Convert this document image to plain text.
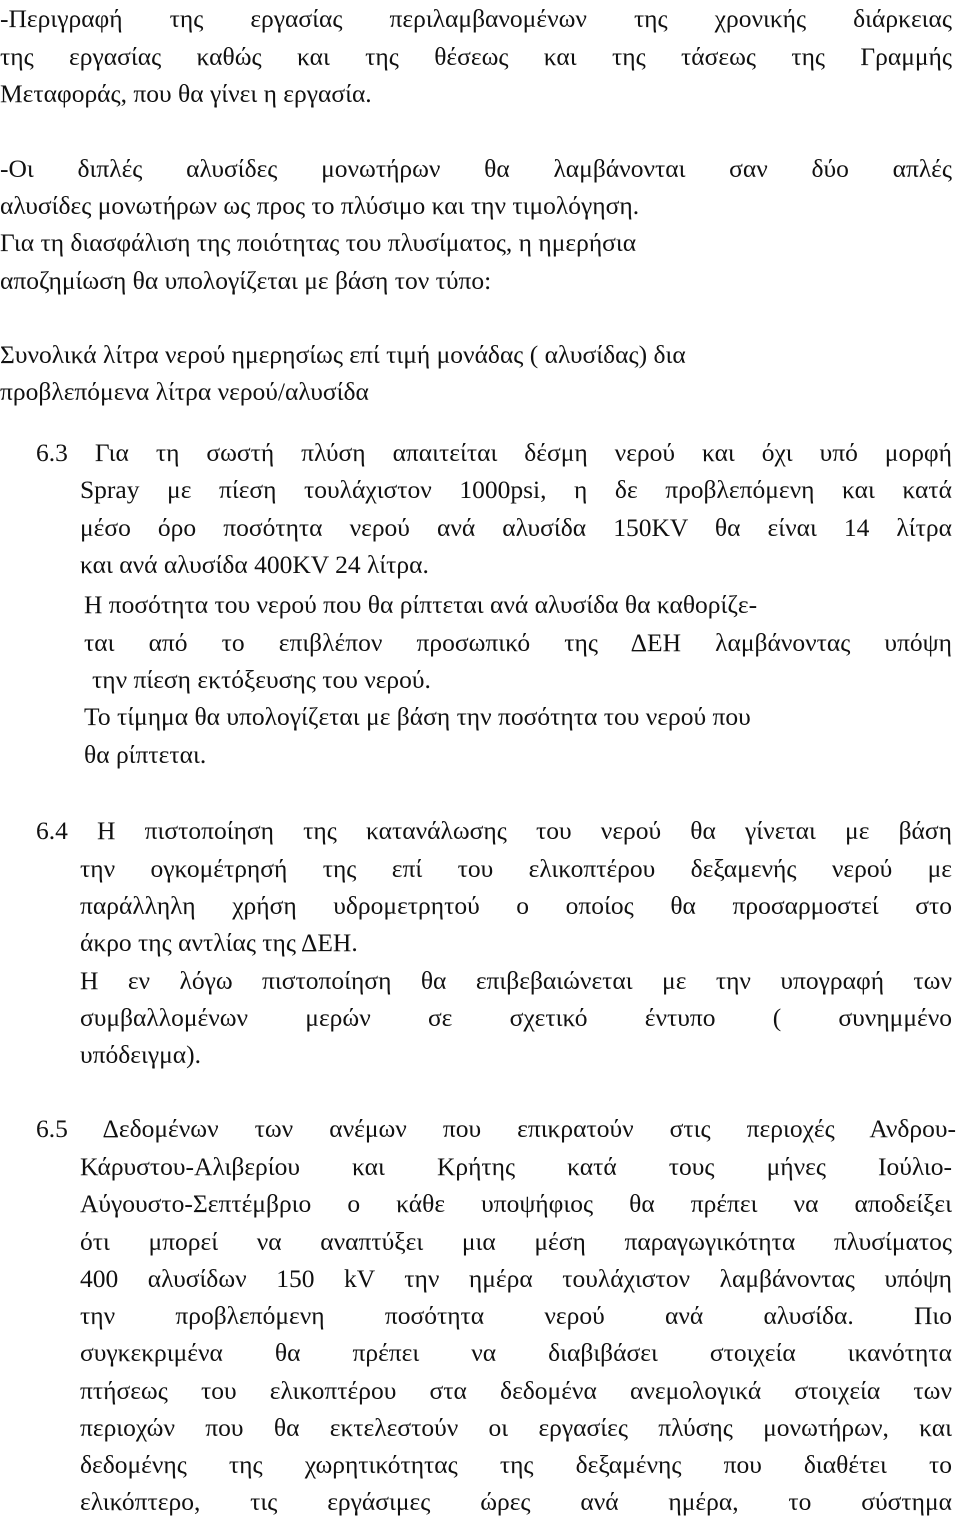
-Περιγραφή της εργασίας περιλαμβανομένων της χρονικής διάρκειας
της εργασίας καθώς και της θέσεως και της τάσεως της Γραμμής
Μεταφοράς, που θα γίνει η εργασία.
-Οι διπλές αλυσίδες μονωτήρων θα λαμβάνονται σαν δύο απλές
αλυσίδες μονωτήρων ως προς το πλύσιμο και την τιμολόγηση.
Για τη διασφάλιση της ποιότητας του πλυσίματος, η ημερήσια
αποζημίωση θα υπολογίζεται με βάση τον τύπο:
Συνολικά λίτρα νερού ημερησίως επί τιμή μονάδας ( αλυσίδας) δια
προβλεπόμενα λίτρα νερού/αλυσίδα
6.3 Για τη σωστή πλύση απαιτείται δέσμη νερού και όχι υπό μορφή
Spray με πίεση τουλάχιστον 1000psi, η δε προβλεπόμενη και κατά
μέσο όρο ποσότητα νερού ανά αλυσίδα 150KV θα είναι 14 λίτρα
και ανά αλυσίδα 400KV 24 λίτρα.
Η ποσότητα του νερού που θα ρίπτεται ανά αλυσίδα θα καθορίζε-
ται από το επιβλέπον προσωπικό της ΔΕΗ λαμβάνοντας υπόψη
την πίεση εκτόξευσης του νερού.
Το τίμημα θα υπολογίζεται με βάση την ποσότητα του νερού που
θα ρίπτεται.
6.4 Η πιστοποίηση της κατανάλωσης του νερού θα γίνεται με βάση
την ογκομέτρησή της επί του ελικοπτέρου δεξαμενής νερού με
παράλληλη χρήση υδρομετρητού ο οποίος θα προσαρμοστεί στο
άκρο της αντλίας της ΔΕΗ.
Η εν λόγω πιστοποίηση θα επιβεβαιώνεται με την υπογραφή των
συμβαλλομένων μερών σε σχετικό έντυπο ( συνημμένο
υπόδειγμα).
6.5 Δεδομένων των ανέμων που επικρατούν στις περιοχές Ανδρου-
Κάρυστου-Αλιβερίου και Κρήτης κατά τους μήνες Ιούλιο-
Αύγουστο-Σεπτέμβριο ο κάθε υποψήφιος θα πρέπει να αποδείξει
ότι μπορεί να αναπτύξει μια μέση παραγωγικότητα πλυσίματος
400 αλυσίδων 150 kV την ημέρα τουλάχιστον λαμβάνοντας υπόψη
την προβλεπόμενη ποσότητα νερού ανά αλυσίδα. Πιο
συγκεκριμένα θα πρέπει να διαβιβάσει στοιχεία ικανότητα
πτήσεως του ελικοπτέρου στα δεδομένα ανεμολογικά στοιχεία των
περιοχών που θα εκτελεστούν οι εργασίες πλύσης μονωτήρων, και
δεδομένης της χωρητικότητας της δεξαμένης που διαθέτει το
ελικόπτερο, τις εργάσιμες ώρες ανά ημέρα, το σύστημα
